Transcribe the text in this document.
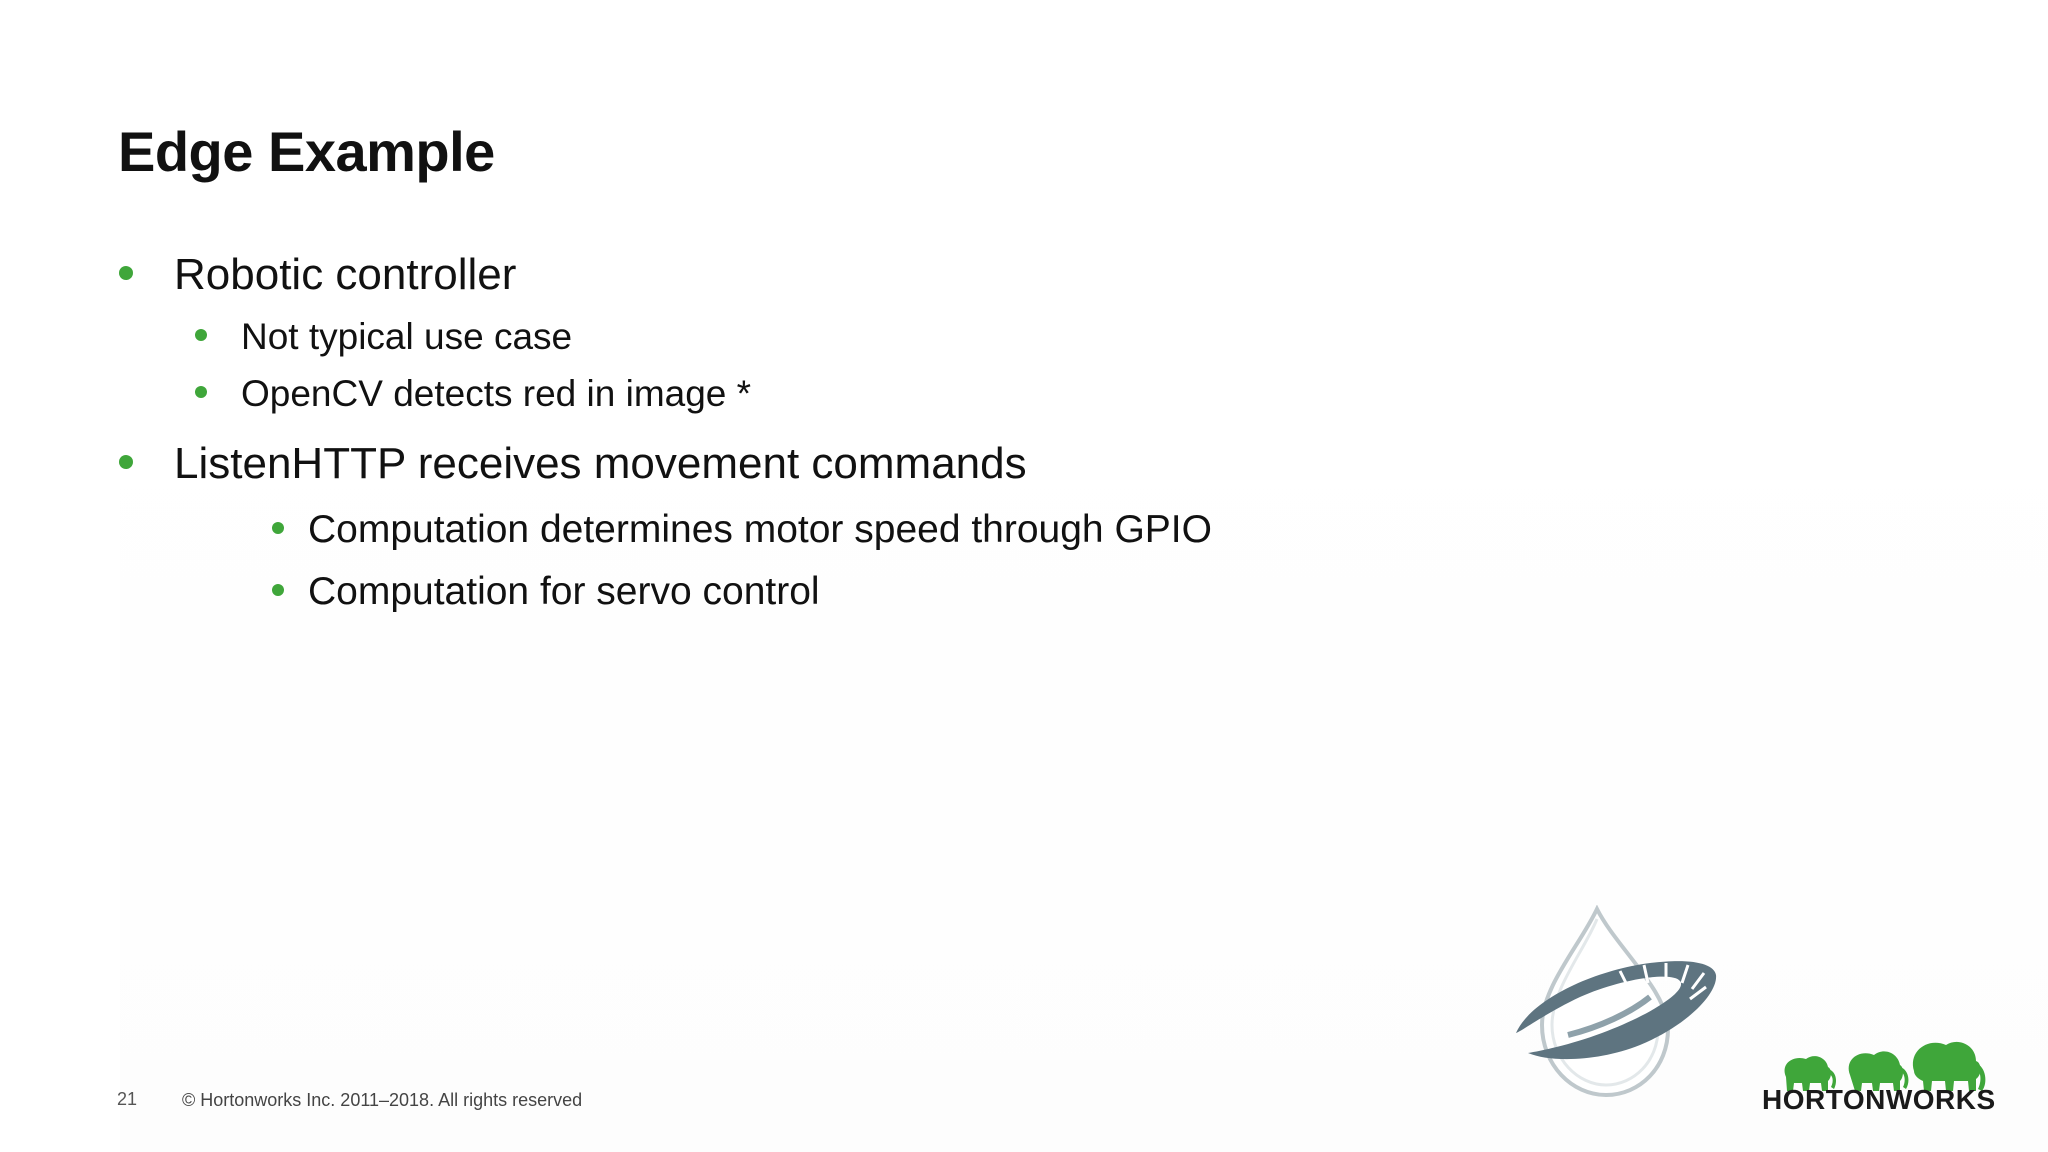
Edge Example
Robotic controller
Not typical use case
OpenCV detects red in image *
ListenHTTP receives movement commands
Computation determines motor speed through GPIO
Computation for servo control
HORTONWORKS
21 © Hortonworks Inc. 2011–2018. All rights reserved
